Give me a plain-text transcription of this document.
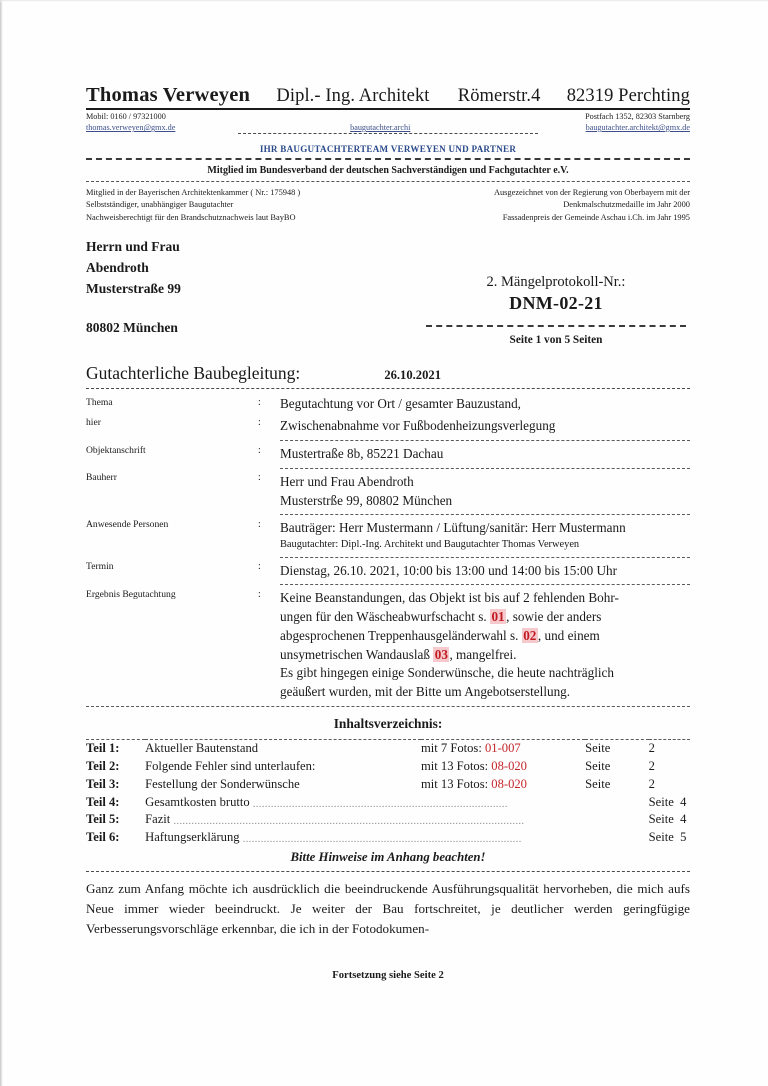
Thomas Verweyen Dipl.- Ing. Architekt Römerstr.4 82319 Perchting
Mobil: 0160 / 97321000
thomas.verweyen@gmx.de	baugutachter.archi
Postfach 1352, 82303 Starnberg
baugutachter.architekt@gmx.de
IHR BAUGUTACHTERTEAM VERWEYEN UND PARTNER
Mitglied im Bundesverband der deutschen Sachverständigen und Fachgutachter e.V.
Mitglied in der Bayerischen Architektenkammer ( Nr.: 175948 )
Selbstständiger, unabhängiger Baugutachter
Nachweisberechtigt für den Brandschutznachweis laut BayBO
Ausgezeichnet von der Regierung von Oberbayern mit der
Denkmalschutzmedaille im Jahr 2000
Fassadenpreis der Gemeinde Aschau i.Ch. im Jahr 1995
Herrn und Frau
Abendroth
Musterstraße 99
80802 München
2. Mängelprotokoll-Nr.:
DNM-02-21
Seite 1 von 5 Seiten
Gutachterliche Baubegleitung:	26.10.2021
Thema	:	Begutachtung vor Ort / gesamter Bauzustand,
hier	:	Zwischenabnahme vor Fußbodenheizungsverlegung
Objektanschrift	:	Mustertraße 8b, 85221 Dachau
Bauherr	:	Herr und Frau Abendroth
Musterstrße 99, 80802 München

Anwesende Personen	:	Bauträger: Herr Mustermann / Lüftung/sanitär: Herr Mustermann
Baugutachter: Dipl.-Ing. Architekt und Baugutachter Thomas Verweyen

Termin	:	Dienstag, 26.10. 2021, 10:00 bis 13:00 und 14:00 bis 15:00 Uhr
Ergebnis Begutachtung	:	Keine Beanstandungen, das Objekt ist bis auf 2 fehlenden Bohr-
ungen für den Wäscheabwurfschacht s. 01 , sowie der anders
abgesprochenen Treppenhausgeländerwahl s. 02 , und einem
unsymetrischen Wandauslaß 03 , mangelfrei.
Es gibt hingegen einige Sonderwünsche, die heute nachträglich
geäußert wurden, mit der Bitte um Angebotserstellung.
Inhaltsverzeichnis:
Teil 1:	Aktueller Bautenstand	mit 7 Fotos: 01-007	Seite	2
Teil 2:	Folgende Fehler sind unterlaufen:	mit 13 Fotos: 08-020	Seite	2
Teil 3:	Festellung der Sonderwünsche	mit 13 Fotos: 08-020	Seite	2
Teil 4:	Gesamtkosten brutto .....................................................................................			Seite 4
Teil 5:	Fazit .....................................................................................................................			Seite 4
Teil 6:	Haftungserklärung .............................................................................................			Seite 5
Bitte Hinweise im Anhang beachten!

Ganz zum Anfang möchte ich ausdrücklich die beeindruckende Ausführungsqualität hervorheben, die mich aufs Neue immer wieder beeindruckt. Je weiter der Bau fortschreitet, je deutlicher werden geringfügige Verbesserungsvorschläge erkennbar, die ich in der Fotodokumen-

Fortsetzung siehe Seite 2
